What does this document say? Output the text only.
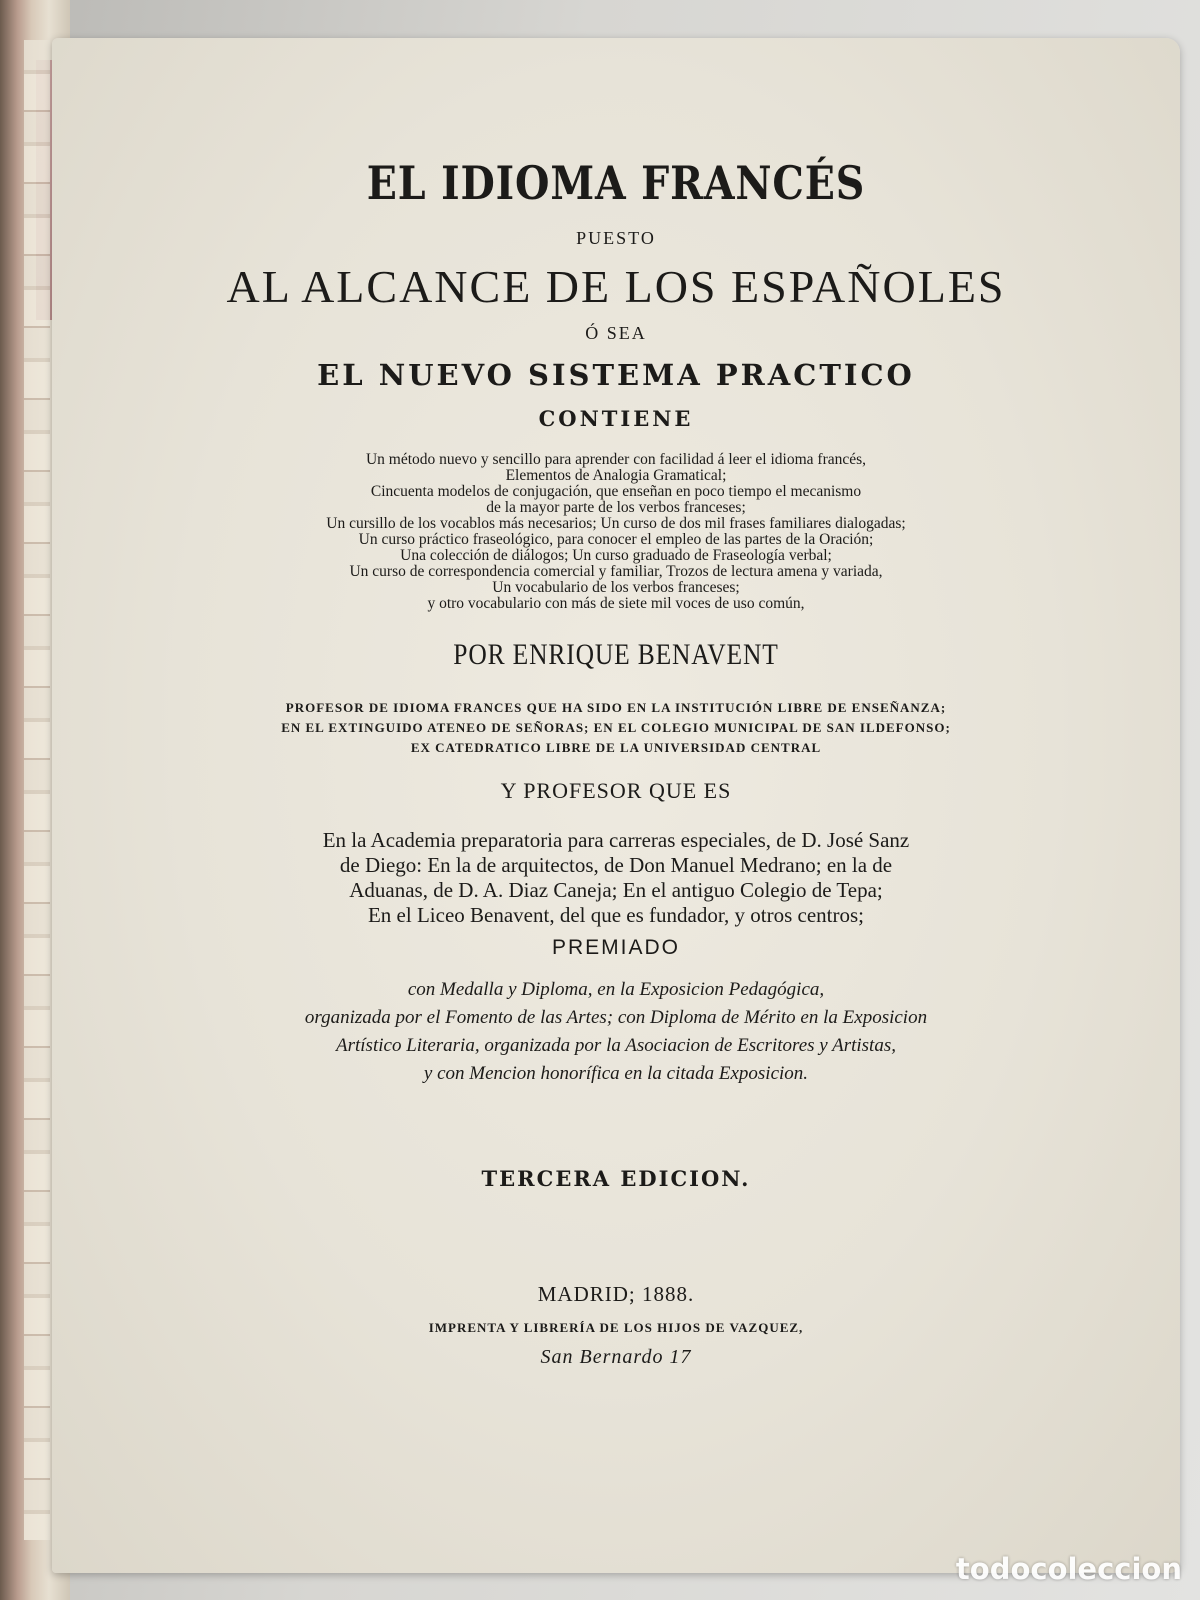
EL IDIOMA FRANCÉS
PUESTO
AL ALCANCE DE LOS ESPAÑOLES
Ó SEA
EL NUEVO SISTEMA PRACTICO
CONTIENE
Un método nuevo y sencillo para aprender con facilidad á leer el idioma francés,
Elementos de Analogia Gramatical;
Cincuenta modelos de conjugación, que enseñan en poco tiempo el mecanismo
de la mayor parte de los verbos franceses;
Un cursillo de los vocablos más necesarios; Un curso de dos mil frases familiares dialogadas;
Un curso práctico fraseológico, para conocer el empleo de las partes de la Oración;
Una colección de diálogos; Un curso graduado de Fraseología verbal;
Un curso de correspondencia comercial y familiar, Trozos de lectura amena y variada,
Un vocabulario de los verbos franceses;
y otro vocabulario con más de siete mil voces de uso común,
POR ENRIQUE BENAVENT
PROFESOR DE IDIOMA FRANCES QUE HA SIDO EN LA INSTITUCIÓN LIBRE DE ENSEÑANZA;
EN EL EXTINGUIDO ATENEO DE SEÑORAS; EN EL COLEGIO MUNICIPAL DE SAN ILDEFONSO;
EX CATEDRATICO LIBRE DE LA UNIVERSIDAD CENTRAL
Y PROFESOR QUE ES
En la Academia preparatoria para carreras especiales, de D. José Sanz
de Diego: En la de arquitectos, de Don Manuel Medrano; en la de
Aduanas, de D. A. Diaz Caneja; En el antiguo Colegio de Tepa;
En el Liceo Benavent, del que es fundador, y otros centros;
PREMIADO
con Medalla y Diploma, en la Exposicion Pedagógica,
organizada por el Fomento de las Artes; con Diploma de Mérito en la Exposicion
Artístico Literaria, organizada por la Asociacion de Escritores y Artistas,
y con Mencion honorífica en la citada Exposicion.
TERCERA EDICION.
MADRID; 1888.
IMPRENTA Y LIBRERÍA DE LOS HIJOS DE VAZQUEZ,
San Bernardo 17
todocoleccion
